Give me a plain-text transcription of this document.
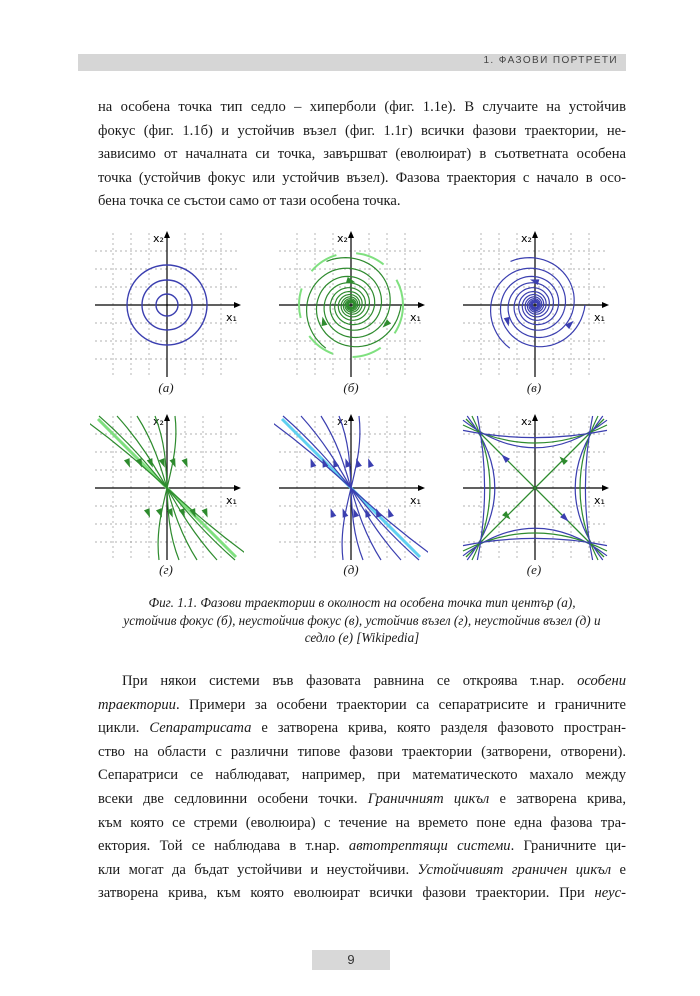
1. ФАЗОВИ ПОРТРЕТИ
на особена точка тип седло – хиперболи (фиг. 1.1е). В случаите на устойчив
фокус (фиг. 1.1б) и устойчив възел (фиг. 1.1г) всички фазови траектории, не-
зависимо от началната си точка, завършват (еволюират) в съответната особена
точка (устойчив фокус или устойчив възел). Фазова траектория с начало в осо-
бена точка се състои само от тази особена точка.
x₁
x₂
x₁
x₂
x₁
x₂
x₁
x₂
x₁
x₂
x₁
x₂
(а)	(б)	(в)
(г)	(д)	(е)
Фиг. 1.1. Фазови траектории в околност на особена точка тип център (а),
устойчив фокус (б), неустойчив фокус (в), устойчив възел (г), неустойчив възел (д) и
седло (е) [Wikipedia]
При някои системи във фазовата равнина се откроява т.нар. особени
траектории. Примери за особени траектории са сепаратрисите и граничните
цикли. Сепаратрисата е затворена крива, която разделя фазовото простран-
ство на области с различни типове фазови траектории (затворени, отворени).
Сепаратриси се наблюдават, например, при математическото махало между
всеки две седловинни особени точки. Граничният цикъл е затворена крива,
към която се стреми (еволюира) с течение на времето поне една фазова тра-
ектория. Той се наблюдава в т.нар. автотрептящи системи. Граничните ци-
кли могат да бъдат устойчиви и неустойчиви. Устойчивият граничен цикъл е
затворена крива, към която еволюират всички фазови траектории. При неус-
9
